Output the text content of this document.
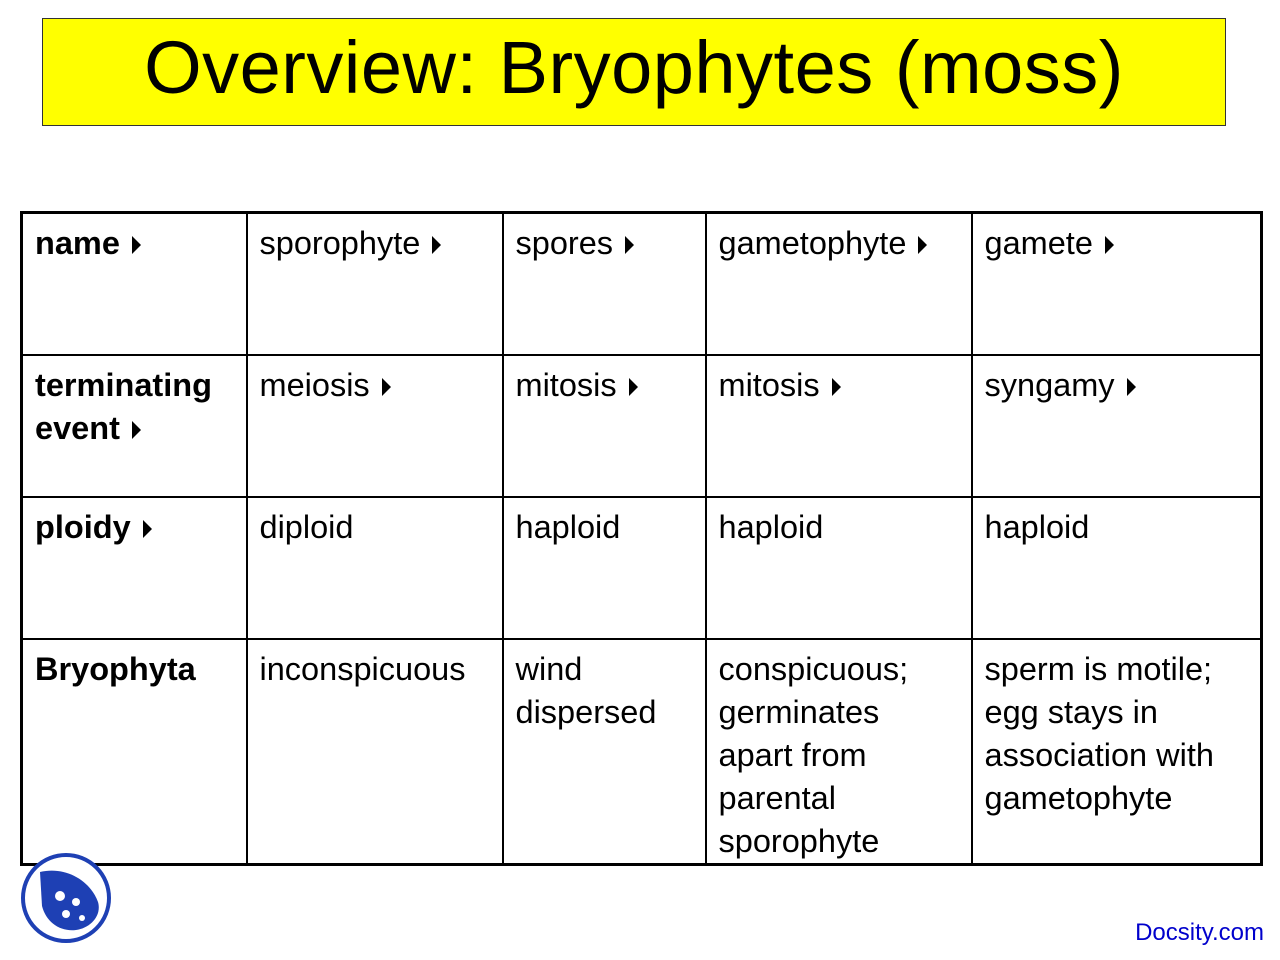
Overview: Bryophytes (moss)
name	sporophyte	spores	gametophyte	gamete
terminating event	meiosis	mitosis	mitosis	syngamy
ploidy	diploid	haploid	haploid	haploid
Bryophyta	inconspicuous	wind dispersed	conspicuous; germinates apart from parental sporophyte	sperm is motile; egg stays in association with gametophyte
Docsity.com
